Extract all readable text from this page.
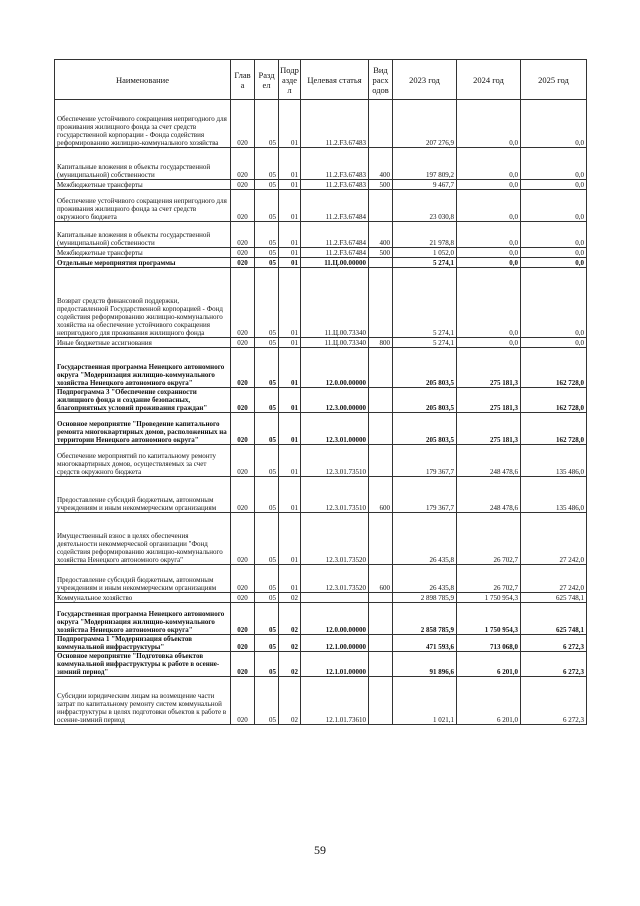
Наименование	Глав а	Разд ел	Подр азде л	Целевая статья	Вид расх одов	2023 год	2024 год	2025 год
Обеспечение устойчивого сокращения непригодного для проживания жилищного фонда за счет средств государственной корпорации - Фонда содействия реформированию жилищно-коммунального хозяйства	020	05	01	11.2.F3.67483		207 276,9	0,0	0,0
Капитальные вложения в объекты государственной (муниципальной) собственности	020	05	01	11.2.F3.67483	400	197 809,2	0,0	0,0
Межбюджетные трансферты	020	05	01	11.2.F3.67483	500	9 467,7	0,0	0,0
Обеспечение устойчивого сокращения непригодного для проживания жилищного фонда за счет средств окружного бюджета	020	05	01	11.2.F3.67484		23 030,8	0,0	0,0
Капитальные вложения в объекты государственной (муниципальной) собственности	020	05	01	11.2.F3.67484	400	21 978,8	0,0	0,0
Межбюджетные трансферты	020	05	01	11.2.F3.67484	500	1 052,0	0,0	0,0
Отдельные мероприятия программы	020	05	01	11.Ц.00.00000		5 274,1	0,0	0,0
Возврат средств финансовой поддержки, предоставленной Государственной корпорацией - Фонд содействия реформированию жилищно-коммунального хозяйства на обеспечение устойчивого сокращения непригодного для проживания жилищного фонда	020	05	01	11.Ц.00.73340		5 274,1	0,0	0,0
Иные бюджетные ассигнования	020	05	01	11.Ц.00.73340	800	5 274,1	0,0	0,0
Государственная программа Ненецкого автономного округа "Модернизация жилищно-коммунального хозяйства Ненецкого автономного округа"	020	05	01	12.0.00.00000		205 803,5	275 181,3	162 728,0
Подпрограмма 3 "Обеспечение сохранности жилищного фонда и создание безопасных, благоприятных условий проживания граждан"	020	05	01	12.3.00.00000		205 803,5	275 181,3	162 728,0
Основное мероприятие "Проведение капитального ремонта многоквартирных домов, расположенных на территории Ненецкого автономного округа"	020	05	01	12.3.01.00000		205 803,5	275 181,3	162 728,0
Обеспечение мероприятий по капитальному ремонту многоквартирных домов, осуществляемых за счет средств окружного бюджета	020	05	01	12.3.01.73510		179 367,7	248 478,6	135 486,0
Предоставление субсидий бюджетным, автономным учреждениям и иным некоммерческим организациям	020	05	01	12.3.01.73510	600	179 367,7	248 478,6	135 486,0
Имущественный взнос в целях обеспечения деятельности некоммерческой организации "Фонд содействия реформированию жилищно-коммунального хозяйства Ненецкого автономного округа"	020	05	01	12.3.01.73520		26 435,8	26 702,7	27 242,0
Предоставление субсидий бюджетным, автономным учреждениям и иным некоммерческим организациям	020	05	01	12.3.01.73520	600	26 435,8	26 702,7	27 242,0
Коммунальное хозяйство	020	05	02			2 898 785,9	1 750 954,3	625 748,1
Государственная программа Ненецкого автономного округа "Модернизация жилищно-коммунального хозяйства Ненецкого автономного округа"	020	05	02	12.0.00.00000		2 858 785,9	1 750 954,3	625 748,1
Подпрограмма 1 "Модернизация объектов коммунальной инфраструктуры"	020	05	02	12.1.00.00000		471 593,6	713 068,0	6 272,3
Основное мероприятие "Подготовка объектов коммунальной инфраструктуры к работе в осенне-зимний период"	020	05	02	12.1.01.00000		91 896,6	6 201,0	6 272,3
Субсидии юридическим лицам на возмещение части затрат по капитальному ремонту систем коммунальной инфраструктуры в целях подготовки объектов к работе в осенне-зимний период	020	05	02	12.1.01.73610		1 021,1	6 201,0	6 272,3
59
